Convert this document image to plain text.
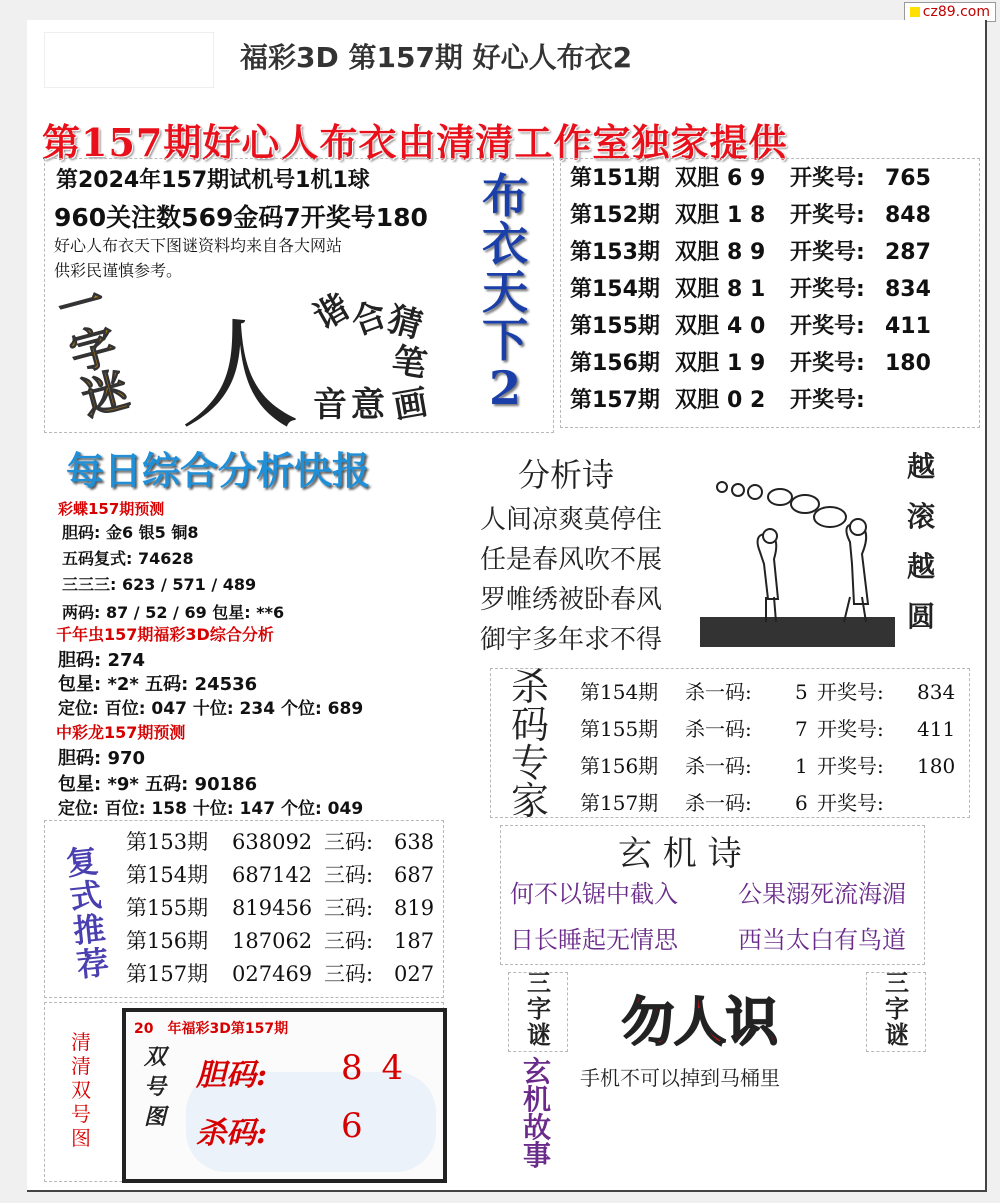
cz89.com
福彩3D 第157期 好心人布衣2
第157期好心人布衣由清清工作室独家提供
第2024年157期试机号1机1球
960关注数569金码7开奖号180
好心人布衣天下图谜资料均来自各大网站
供彩民谨慎参考。
一字迷 人 谐
合
猜
笔
画
音 意
布
衣
天
下
2
第151期 双胆 6 9 开奖号: 765
第152期 双胆 1 8 开奖号: 848
第153期 双胆 8 9 开奖号: 287
第154期 双胆 8 1 开奖号: 834
第155期 双胆 4 0 开奖号: 411
第156期 双胆 1 9 开奖号: 180
第157期 双胆 0 2 开奖号:
每日综合分析快报
彩蝶157期预测
胆码: 金6 银5 铜8
五码复式: 74628
三三三: 623 / 571 / 489
两码: 87 / 52 / 69 包星: **6
千年虫157期福彩3D综合分析
胆码: 274
包星: *2* 五码: 24536
定位: 百位: 047 十位: 234 个位: 689
中彩龙157期预测
胆码: 970
包星: *9* 五码: 90186
定位: 百位: 158 十位: 147 个位: 049
分析诗
人间凉爽莫停住
任是春风吹不展
罗帷绣被卧春风
御宇多年求不得
越
滚
越
圆
杀
码
专
家
第154期 杀一码: 5 开奖号: 834
第155期 杀一码: 7 开奖号: 411
第156期 杀一码: 1 开奖号: 180
第157期 杀一码: 6 开奖号:
复
式
推
荐
第153期 638092 三码: 638
第154期 687142 三码: 687
第155期 819456 三码: 819
第156期 187062 三码: 187
第157期 027469 三码: 027
玄 机 诗
何不以锯中截入	公果溺死流海湄
日长睡起无情思	西当太白有鸟道
清
清
双
号
图
20　年福彩3D第157期
双
号
图
胆码: 8 4
杀码: 6
三
字
谜
三
字
谜
勿人识
手机不可以掉到马桶里
玄
机
故
事
